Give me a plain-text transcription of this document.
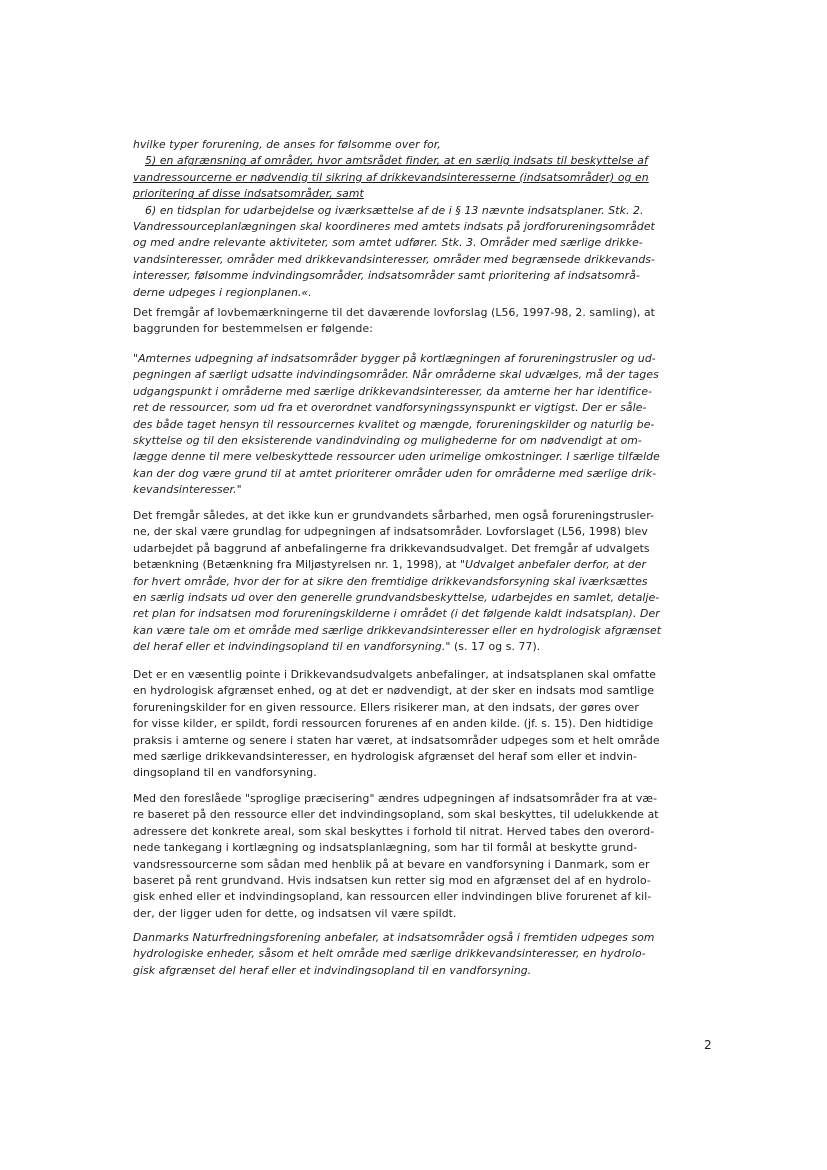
hvilke typer forurening, de anses for følsomme over for,
5) en afgrænsning af områder, hvor amtsrådet finder, at en særlig indsats til beskyttelse af
vandressourcerne er nødvendig til sikring af drikkevandsinteresserne (indsatsområder) og en
prioritering af disse indsatsområder, samt
6) en tidsplan for udarbejdelse og iværksættelse af de i § 13 nævnte indsatsplaner. Stk. 2.
Vandressourceplanlægningen skal koordineres med amtets indsats på jordforureningsområdet
og med andre relevante aktiviteter, som amtet udfører. Stk. 3. Områder med særlige drikke-
vandsinteresser, områder med drikkevandsinteresser, områder med begrænsede drikkevands-
interesser, følsomme indvindingsområder, indsatsområder samt prioritering af indsatsområ-
derne udpeges i regionplanen.«.
Det fremgår af lovbemærkningerne til det daværende lovforslag (L56, 1997-98, 2. samling), at
baggrunden for bestemmelsen er følgende:
"Amternes udpegning af indsatsområder bygger på kortlægningen af forureningstrusler og ud-
pegningen af særligt udsatte indvindingsområder. Når områderne skal udvælges, må der tages
udgangspunkt i områderne med særlige drikkevandsinteresser, da amterne her har identifice-
ret de ressourcer, som ud fra et overordnet vandforsyningssynspunkt er vigtigst. Der er såle-
des både taget hensyn til ressourcernes kvalitet og mængde, forureningskilder og naturlig be-
skyttelse og til den eksisterende vandindvinding og mulighederne for om nødvendigt at om-
lægge denne til mere velbeskyttede ressourcer uden urimelige omkostninger. I særlige tilfælde
kan der dog være grund til at amtet prioriterer områder uden for områderne med særlige drik-
kevandsinteresser."
Det fremgår således, at det ikke kun er grundvandets sårbarhed, men også forureningstrusler-
ne, der skal være grundlag for udpegningen af indsatsområder. Lovforslaget (L56, 1998) blev
udarbejdet på baggrund af anbefalingerne fra drikkevandsudvalget. Det fremgår af udvalgets
betænkning (Betænkning fra Miljøstyrelsen nr. 1, 1998), at "Udvalget anbefaler derfor, at der
for hvert område, hvor der for at sikre den fremtidige drikkevandsforsyning skal iværksættes
en særlig indsats ud over den generelle grundvandsbeskyttelse, udarbejdes en samlet, detalje-
ret plan for indsatsen mod forureningskilderne i området (i det følgende kaldt indsatsplan). Der
kan være tale om et område med særlige drikkevandsinteresser eller en hydrologisk afgrænset
del heraf eller et indvindingsopland til en vandforsyning." (s. 17 og s. 77).
Det er en væsentlig pointe i Drikkevandsudvalgets anbefalinger, at indsatsplanen skal omfatte
en hydrologisk afgrænset enhed, og at det er nødvendigt, at der sker en indsats mod samtlige
forureningskilder for en given ressource. Ellers risikerer man, at den indsats, der gøres over
for visse kilder, er spildt, fordi ressourcen forurenes af en anden kilde. (jf. s. 15). Den hidtidige
praksis i amterne og senere i staten har været, at indsatsområder udpeges som et helt område
med særlige drikkevandsinteresser, en hydrologisk afgrænset del heraf som eller et indvin-
dingsopland til en vandforsyning.
Med den foreslåede "sproglige præcisering" ændres udpegningen af indsatsområder fra at væ-
re baseret på den ressource eller det indvindingsopland, som skal beskyttes, til udelukkende at
adressere det konkrete areal, som skal beskyttes i forhold til nitrat. Herved tabes den overord-
nede tankegang i kortlægning og indsatsplanlægning, som har til formål at beskytte grund-
vandsressourcerne som sådan med henblik på at bevare en vandforsyning i Danmark, som er
baseret på rent grundvand. Hvis indsatsen kun retter sig mod en afgrænset del af en hydrolo-
gisk enhed eller et indvindingsopland, kan ressourcen eller indvindingen blive forurenet af kil-
der, der ligger uden for dette, og indsatsen vil være spildt.
Danmarks Naturfredningsforening anbefaler, at indsatsområder også i fremtiden udpeges som
hydrologiske enheder, såsom et helt område med særlige drikkevandsinteresser, en hydrolo-
gisk afgrænset del heraf eller et indvindingsopland til en vandforsyning.
2
